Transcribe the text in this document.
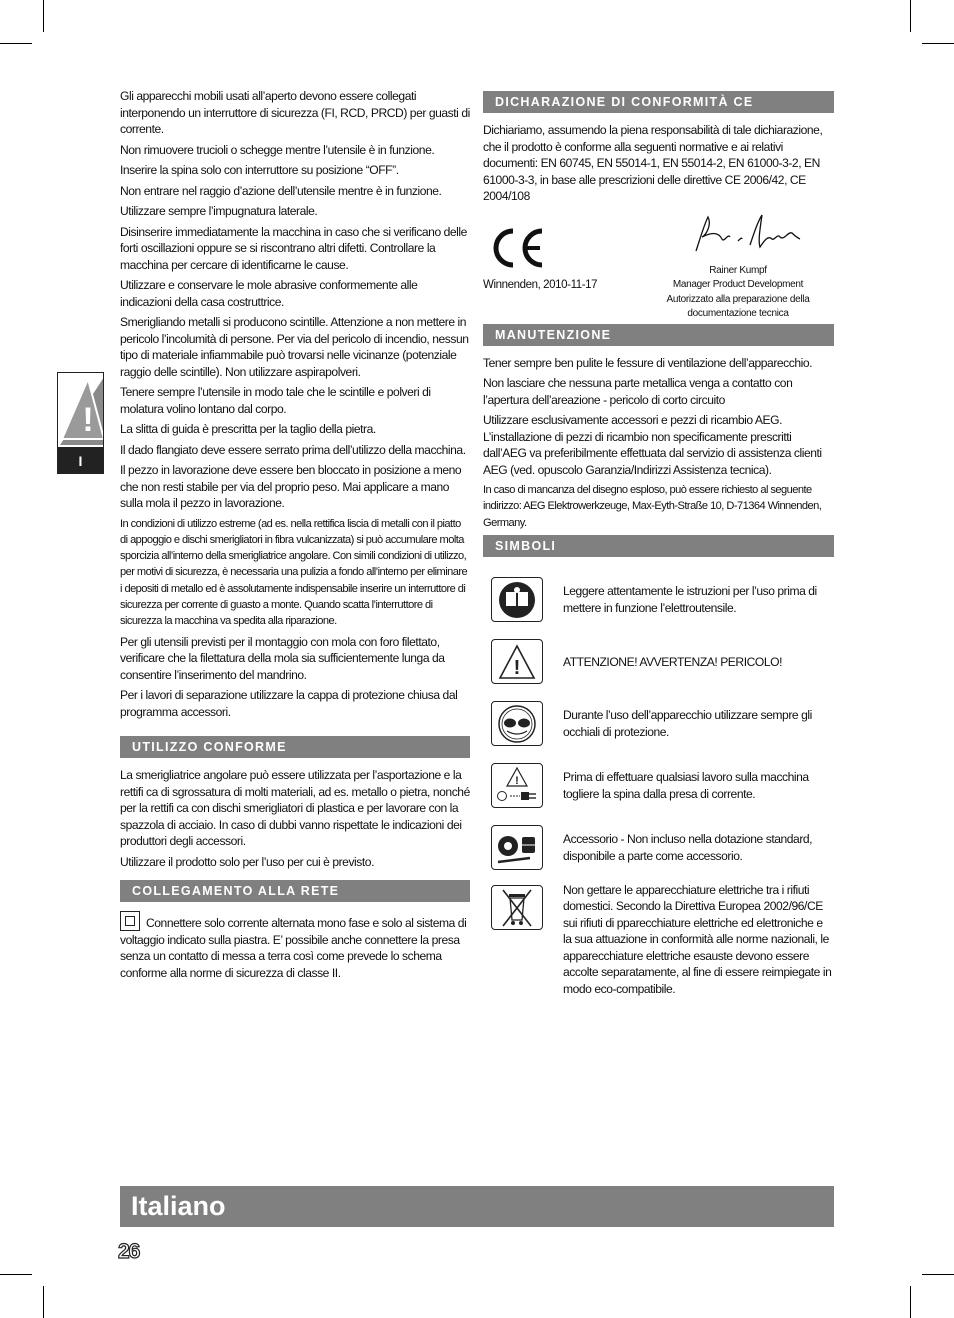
!
I

Gli apparecchi mobili usati all’aperto devono essere collegati interponendo un interruttore di sicurezza (FI, RCD, PRCD) per guasti di corrente.

Non rimuovere trucioli o schegge mentre l’utensile è in funzione.

Inserire la spina solo con interruttore su posizione “OFF”.

Non entrare nel raggio d’azione dell’utensile mentre è in funzione.

Utilizzare sempre l’impugnatura laterale.

Disinserire immediatamente la macchina in caso che si verificano delle forti oscillazioni oppure se si riscontrano altri difetti. Controllare la macchina per cercare di identificarne le cause.

Utilizzare e conservare le mole abrasive conformemente alle indicazioni della casa costruttrice.

Smerigliando metalli si producono scintille. Attenzione a non mettere in pericolo l’incolumità di persone. Per via del pericolo di incendio, nessun tipo di materiale infiammabile può trovarsi nelle vicinanze (potenziale raggio delle scintille). Non utilizzare aspirapolveri.

Tenere sempre l’utensile in modo tale che le scintille e polveri di molatura volino lontano dal corpo.

La slitta di guida è prescritta per la taglio della pietra.

Il dado flangiato deve essere serrato prima dell’utilizzo della macchina.

Il pezzo in lavorazione deve essere ben bloccato in posizione a meno che non resti stabile per via del proprio peso. Mai applicare a mano sulla mola il pezzo in lavorazione.

In condizioni di utilizzo estreme (ad es. nella rettifica liscia di metalli con il piatto di appoggio e dischi smerigliatori in fibra vulcanizzata) si può accumulare molta sporcizia all’interno della smerigliatrice angolare. Con simili condizioni di utilizzo, per motivi di sicurezza, è necessaria una pulizia a fondo all’interno per eliminare i depositi di metallo ed è assolutamente indispensabile inserire un interruttore di sicurezza per corrente di guasto a monte. Quando scatta l’interruttore di sicurezza la macchina va spedita alla riparazione.

Per gli utensili previsti per il montaggio con mola con foro filettato, verificare che la filettatura della mola sia sufficientemente lunga da consentire l’inserimento del mandrino.

Per i lavori di separazione utilizzare la cappa di protezione chiusa dal programma accessori.

UTILIZZO CONFORME

La smerigliatrice angolare può essere utilizzata per l’asportazione e la rettifi ca di sgrossatura di molti materiali, ad es. metallo o pietra, nonché per la rettifi ca con dischi smerigliatori di plastica e per lavorare con la spazzola di acciaio. In caso di dubbi vanno rispettate le indicazioni dei produttori degli accessori.

Utilizzare il prodotto solo per l’uso per cui è previsto.

COLLEGAMENTO ALLA RETE

Connettere solo corrente alternata mono fase e solo al sistema di voltaggio indicato sulla piastra. E’ possibile anche connettere la presa senza un contatto di messa a terra così come prevede lo schema conforme alla norme di sicurezza di classe II.

DICHARAZIONE DI CONFORMITÀ CE

Dichiariamo, assumendo la piena responsabilità di tale dichiarazione, che il prodotto è conforme alla seguenti normative e ai relativi documenti: EN 60745, EN 55014-1, EN 55014-2, EN 61000-3-2, EN 61000-3-3, in base alle prescrizioni delle direttive CE 2006/42, CE 2004/108

Winnenden, 2010-11-17
Rainer Kumpf
Manager Product Development
Autorizzato alla preparazione della
documentazione tecnica
MANUTENZIONE

Tener sempre ben pulite le fessure di ventilazione dell’apparecchio.

Non lasciare che nessuna parte metallica venga a contatto con l’apertura dell’areazione - pericolo di corto circuito

Utilizzare esclusivamente accessori e pezzi di ricambio AEG. L’installazione di pezzi di ricambio non specificamente prescritti dall’AEG va preferibilmente effettuata dal servizio di assistenza clienti AEG (ved. opuscolo Garanzia/Indirizzi Assistenza tecnica).

In caso di mancanza del disegno esploso, può essere richiesto al seguente indirizzo: AEG Elektrowerkzeuge, Max-Eyth-Straße 10, D-71364 Winnenden, Germany.

SIMBOLI
Leggere attentamente le istruzioni per l’uso prima di mettere in funzione l’elettroutensile.
!	ATTENZIONE! AVVERTENZA! PERICOLO!
Durante l’uso dell’apparecchio utilizzare sempre gli occhiali di protezione.
!	Prima di effettuare qualsiasi lavoro sulla macchina togliere la spina dalla presa di corrente.
Accessorio - Non incluso nella dotazione standard, disponibile a parte come accessorio.
Non gettare le apparecchiature elettriche tra i rifiuti domestici. Secondo la Direttiva Europea 2002/96/CE sui rifiuti di pparecchiature elettriche ed elettroniche e la sua attuazione in conformità alle norme nazionali, le apparecchiature elettriche esauste devono essere accolte separatamente, al fine di essere reimpiegate in modo eco-compatibile.
Italiano
26
